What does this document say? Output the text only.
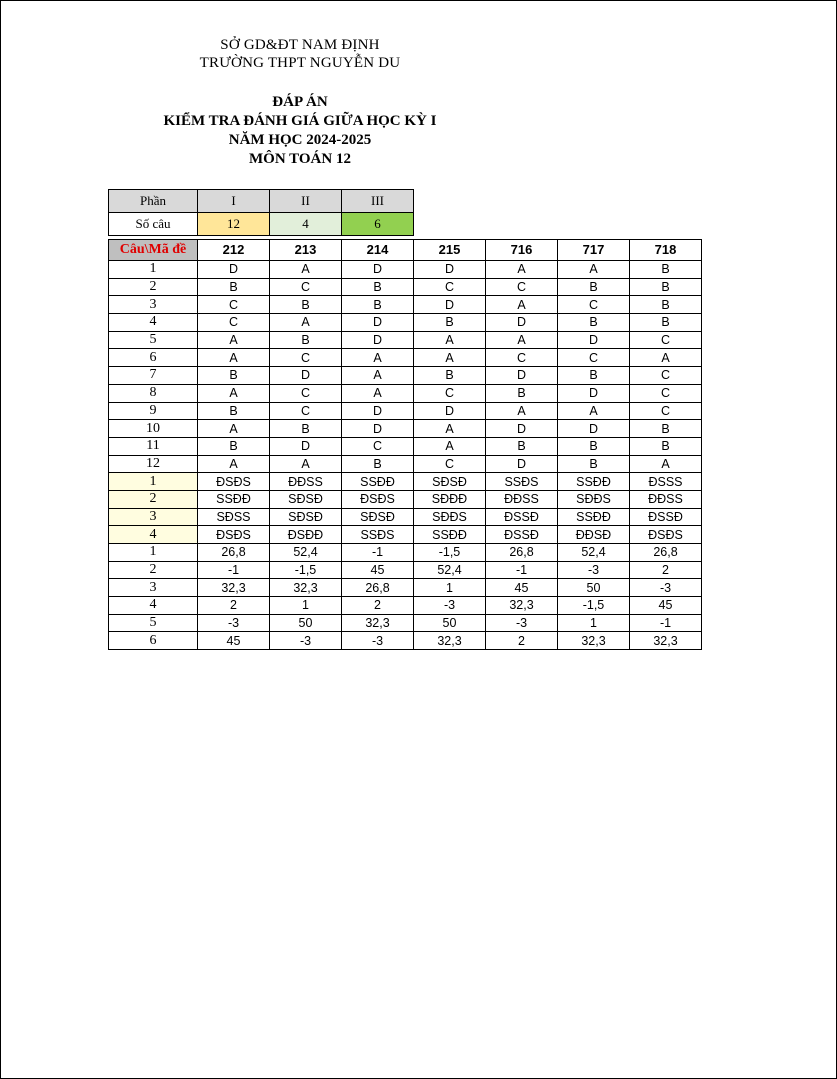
SỞ GD&ĐT NAM ĐỊNH
TRƯỜNG THPT NGUYỄN DU
ĐÁP ÁN
KIỂM TRA ĐÁNH GIÁ GIỮA HỌC KỲ I
NĂM HỌC 2024-2025
MÔN TOÁN 12
Phần	I	II	III
Số câu	12	4	6
Câu\Mã đề	212	213	214	215	716	717	718
1	D	A	D	D	A	A	B
2	B	C	B	C	C	B	B
3	C	B	B	D	A	C	B
4	C	A	D	B	D	B	B
5	A	B	D	A	A	D	C
6	A	C	A	A	C	C	A
7	B	D	A	B	D	B	C
8	A	C	A	C	B	D	C
9	B	C	D	D	A	A	C
10	A	B	D	A	D	D	B
11	B	D	C	A	B	B	B
12	A	A	B	C	D	B	A
1	ĐSĐS	ĐĐSS	SSĐĐ	SĐSĐ	SSĐS	SSĐĐ	ĐSSS
2	SSĐĐ	SĐSĐ	ĐSĐS	SĐĐĐ	ĐĐSS	SĐĐS	ĐĐSS
3	SĐSS	SĐSĐ	SĐSĐ	SĐĐS	ĐSSĐ	SSĐĐ	ĐSSĐ
4	ĐSĐS	ĐSĐĐ	SSĐS	SSĐĐ	ĐSSĐ	ĐĐSĐ	ĐSĐS
1	26,8	52,4	-1	-1,5	26,8	52,4	26,8
2	-1	-1,5	45	52,4	-1	-3	2
3	32,3	32,3	26,8	1	45	50	-3
4	2	1	2	-3	32,3	-1,5	45
5	-3	50	32,3	50	-3	1	-1
6	45	-3	-3	32,3	2	32,3	32,3
